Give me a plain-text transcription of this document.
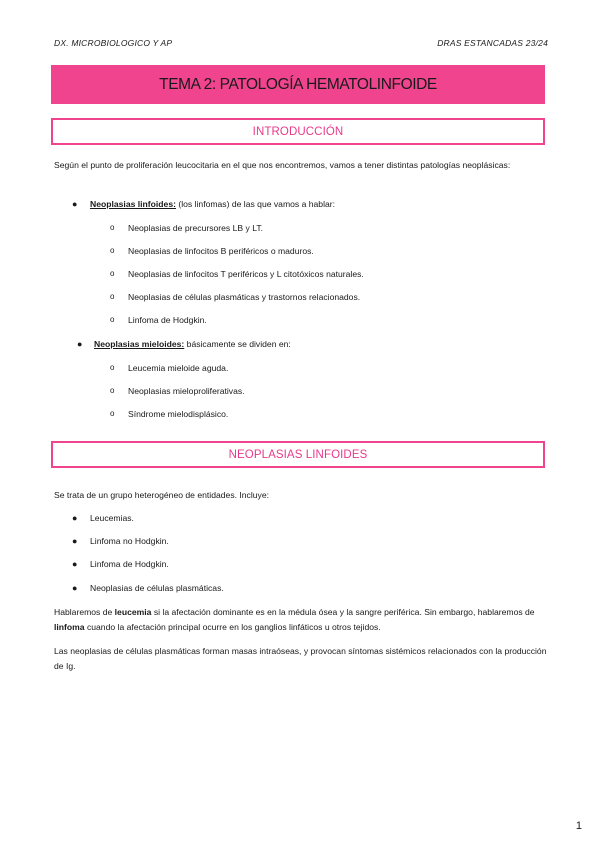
DX. MICROBIOLOGICO Y AP	DRAS ESTANCADAS 23/24
TEMA 2: PATOLOGÍA HEMATOLINFOIDE
INTRODUCCIÓN
Según el punto de proliferación leucocitaria en el que nos encontremos, vamos a tener distintas patologías neoplásicas:
● Neoplasias linfoides: (los linfomas) de las que vamos a hablar:
o Neoplasias de precursores LB y LT.
o Neoplasias de linfocitos B periféricos o maduros.
o Neoplasias de linfocitos T periféricos y L citotóxicos naturales.
o Neoplasias de células plasmáticas y trastornos relacionados.
o Linfoma de Hodgkin.
● Neoplasias mieloides: básicamente se dividen en:
o Leucemia mieloide aguda.
o Neoplasias mieloproliferativas.
o Síndrome mielodisplásico.
NEOPLASIAS LINFOIDES
Se trata de un grupo heterogéneo de entidades. Incluye:
● Leucemias.
● Linfoma no Hodgkin.
● Linfoma de Hodgkin.
● Neoplasias de células plasmáticas.
Hablaremos de leucemia si la afectación dominante es en la médula ósea y la sangre periférica. Sin embargo, hablaremos de linfoma cuando la afectación principal ocurre en los ganglios linfáticos u otros tejidos.
Las neoplasias de células plasmáticas forman masas intraóseas, y provocan síntomas sistémicos relacionados con la producción de Ig.
1
